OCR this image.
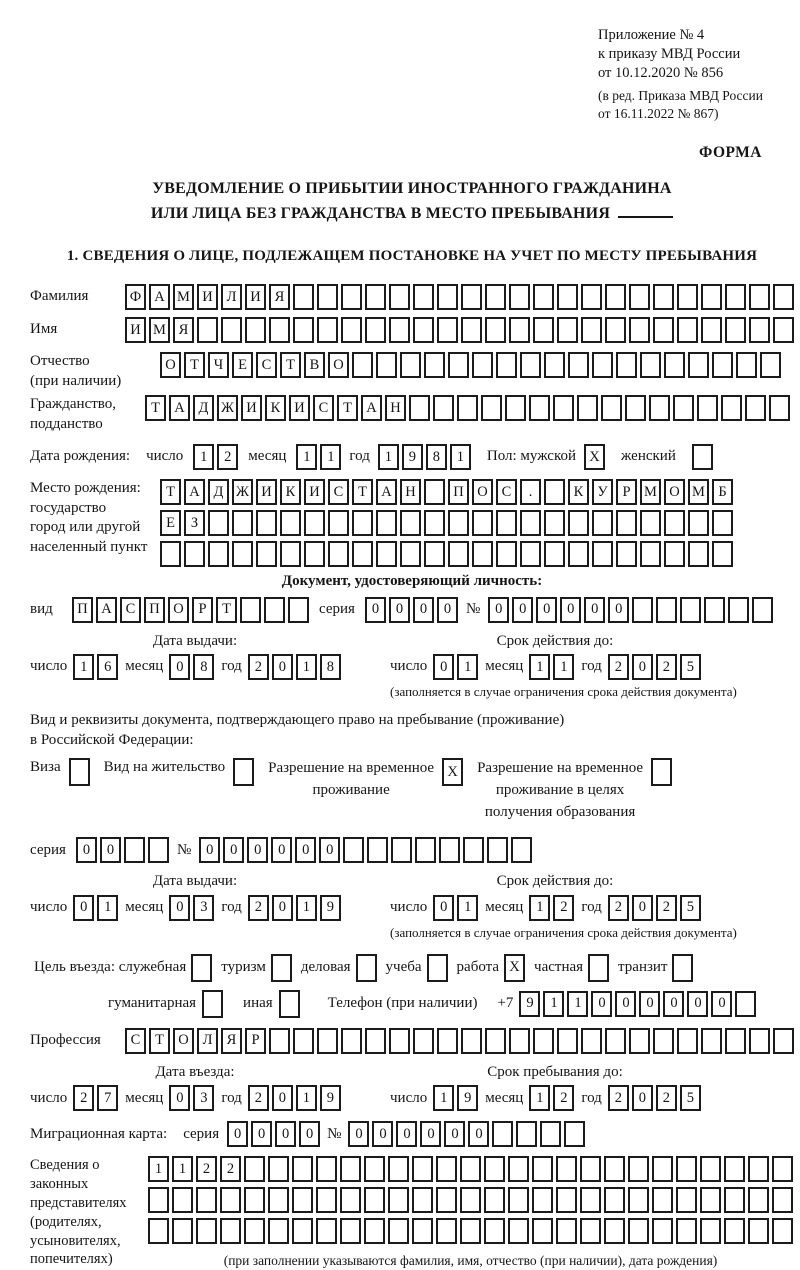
Приложение № 4
к приказу МВД России
от 10.12.2020 № 856
(в ред. Приказа МВД России
от 16.11.2022 № 867)
ФОРМА
УВЕДОМЛЕНИЕ О ПРИБЫТИИ ИНОСТРАННОГО ГРАЖДАНИНА
ИЛИ ЛИЦА БЕЗ ГРАЖДАНСТВА В МЕСТО ПРЕБЫВАНИЯ
1. СВЕДЕНИЯ О ЛИЦЕ, ПОДЛЕЖАЩЕМ ПОСТАНОВКЕ НА УЧЕТ ПО МЕСТУ ПРЕБЫВАНИЯ
Фамилия	Ф А М И Л И Я
Имя	И М Я
Отчество
(при наличии)
О Т	Ч	Е	С	Т	В О
Гражданство,
подданство
Т А Д Ж И К И С	Т А Н
Дата рождения: число	1	2	месяц	1	1 год	1	9	8	1	Пол: мужской X	женский
Место рождения:
государство
город или другой
населенный пункт
Т А Д Ж И К И С	Т А Н	П О С	.	К У	Р М О М Б
Е	З
Документ, удостоверяющий личность:
вид	П А С П О	Р	Т	серия	0	0	0	0 №	0	0	0	0	0	0
Дата выдачи:
число 1	6 месяц 0	8 год 2	0	1	8
Срок действия до:
число 0	1 месяц 1	1 год 2	0	2	5
(заполняется в случае ограничения срока действия документа)
Вид и реквизиты документа, подтверждающего право на пребывание (проживание)
в Российской Федерации:
Виза	Вид на жительство	Разрешение на временное
проживание
X	Разрешение на временное
проживание в целях
получения образования
серия	0	0	№	0	0	0	0	0	0
Дата выдачи:
число 0	1 месяц 0	3 год 2	0	1	9
Срок действия до:
число 0	1 месяц 1	2 год 2	0	2	5
(заполняется в случае ограничения срока действия документа)
Цель въезда: служебная туризм деловая учеба работа X частная транзит
гуманитарная	иная	Телефон (при наличии) +7 9	1	1	0	0	0	0	0	0
Профессия	С	Т О Л Я	Р
Дата въезда:
число 2	7 месяц 0	3 год 2	0	1	9
Срок пребывания до:
число 1	9 месяц 1	2 год 2	0	2	5
Миграционная карта: серия	0	0	0	0 № 0	0	0	0	0	0
Сведения о
законных
представителях
(родителях,
усыновителях,
попечителях)
1	1	2	2
(при заполнении указываются фамилия, имя, отчество (при наличии), дата рождения)
